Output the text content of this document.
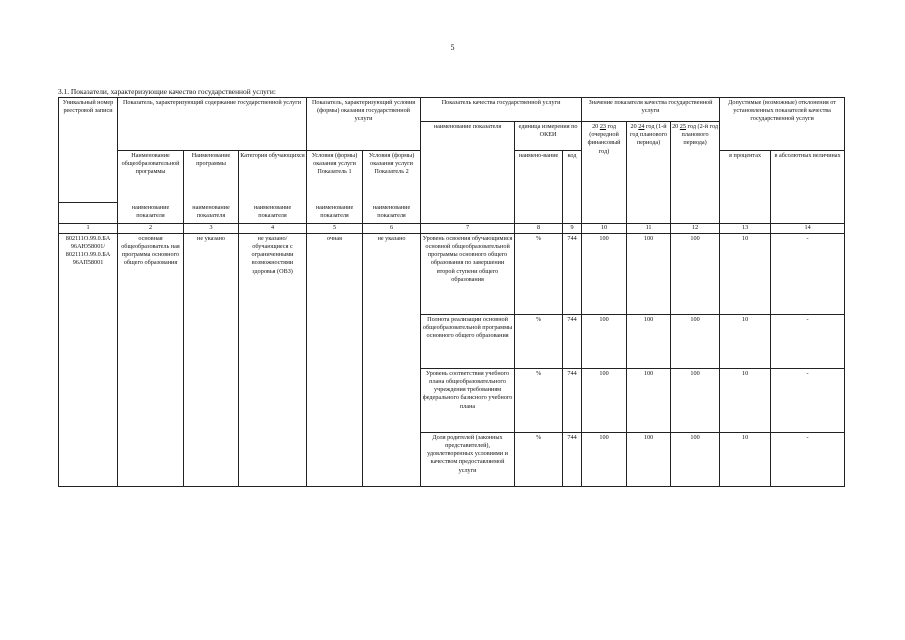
5
3.1. Показатели, характеризующие качество государственной услуги:
Уникальный номер реестровой записи	Показатель, характеризующий содержание государственной услуги			Показатель, характеризующий условия (формы) оказания государственной услуги		Показатель качества государственной услуги			Значение показателя качества государственной услуги			Допустимые (возможные) отклонения от установленных показателей качества государственной услуги	
						наименование показателя	единица измерения по ОКЕИ		20 23 год (очередной финансовый год)	20 24 год (1-й год планового периода)	20 25 год (2-й год планового периода)		
	Наименование общеобразовательной программы	Наименование программы	Категория обучающихся	Условия (формы) оказания услуги Показатель 1	Условия (формы) оказания услуги Показатель 2		наимено-вание	код				в процентах	в абсолютных величинах
	наименование показателя	наименование показателя	наименование показателя	наименование показателя	наименование показателя								
1	2	3	4	5	6	7	8	9	10	11	12	13	14
802111О.99.0.БА 96АЮ58001/ 802111О.99.0.БА 96АП58001	основная общеобразователь ная программа основного общего образования	не указано	не указано/ обучающиеся с ограниченными возможностями здоровья (ОВЗ)	очная	не указано	Уровень освоения обучающимися основной общеобразовательной программы основного общего образования по завершении второй ступени общего образования	%	744	100	100	100	10	-
						Полнота реализации основной общеобразовательной программы основного общего образования	%	744	100	100	100	10	-
						Уровень соответствия учебного плана общеобразовательного учреждения требованиям федерального базисного учебного плана	%	744	100	100	100	10	-
						Доля родителей (законных представителей), удовлетворенных условиями и качеством предоставляемой услуги	%	744	100	100	100	10	-
